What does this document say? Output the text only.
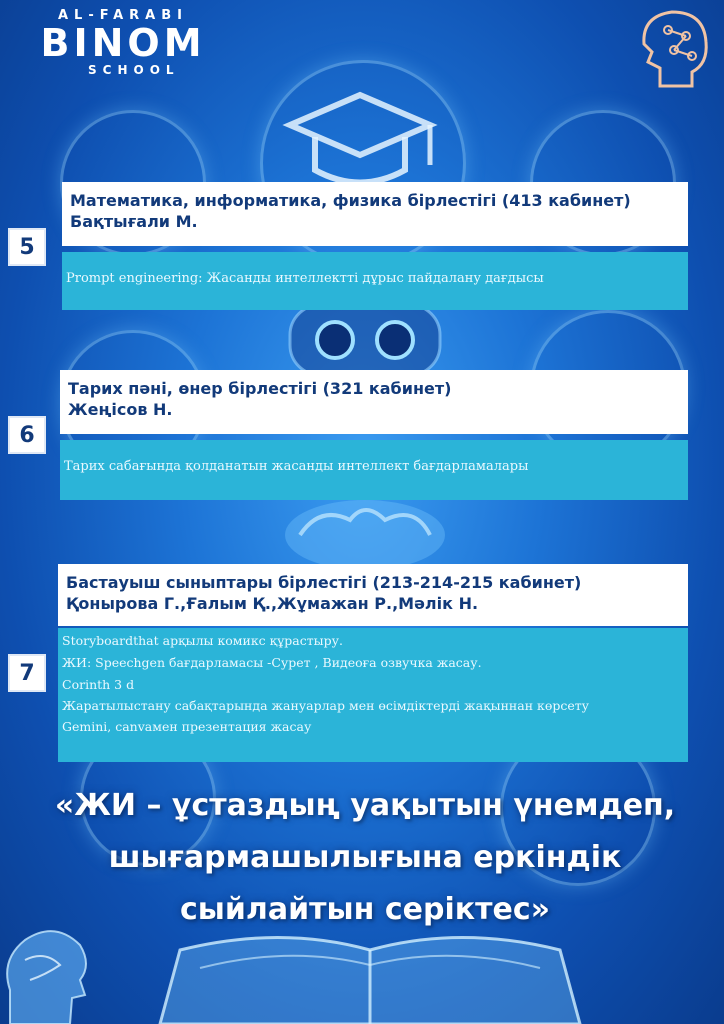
AL-FARABI
BINOM
SCHOOL
5
Математика, информатика, физика бірлестігі (413 кабинет)
Бақтығали М.
Prompt engineering: Жасанды интеллектті дұрыс пайдалану дағдысы
6
Тарих пәні, өнер бірлестігі (321 кабинет)
Жеңісов Н.
Тарих сабағында қолданатын жасанды интеллект бағдарламалары
7
Бастауыш сыныптары бірлестігі (213-214-215 кабинет)
Қонырова Г.,Ғалым Қ.,Жұмажан Р.,Мәлік Н.
Storyboardthat арқылы комикс құрастыру.
ЖИ: Speechgen бағдарламасы -Сурет , Видеоға озвучка жасау.
Corinth 3 d
Жаратылыстану сабақтарында жануарлар мен өсімдіктерді жақыннан көрсету
Gemini, canvaмен презентация жасау
«ЖИ – ұстаздың уақытын үнемдеп,
шығармашылығына еркіндік
сыйлайтын серіктес»
